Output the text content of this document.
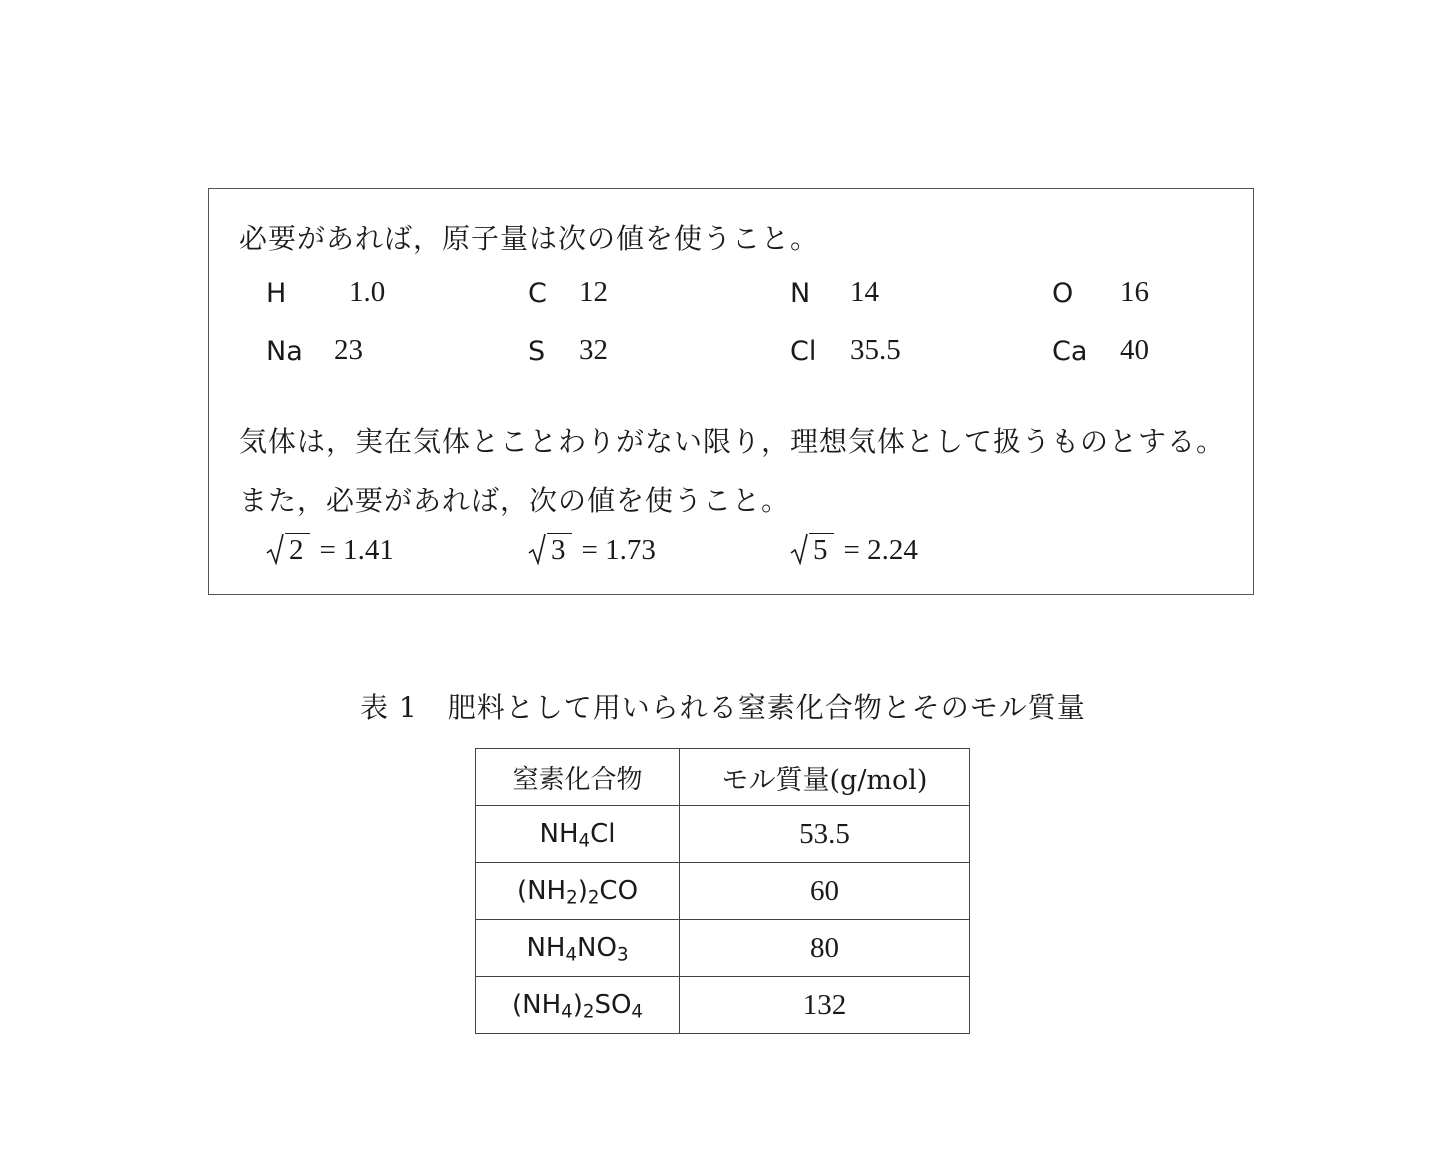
必要があれば，原子量は次の値を使うこと。
H 1.0	C 12	N 14	O 16
Na 23	S 32	Cl 35.5	Ca 40
気体は，実在気体とことわりがない限り，理想気体として扱うものとする。
また，必要があれば，次の値を使うこと。
2 = 1.41	3 = 1.73	5 = 2.24
表 1 肥料として用いられる窒素化合物とそのモル質量
窒素化合物	モル質量(g/mol)
$NH_4Cl$	53.5
$(NH_2)_2CO$	60
$NH_4NO_3$	80
$(NH_4)_2SO_4$	132
